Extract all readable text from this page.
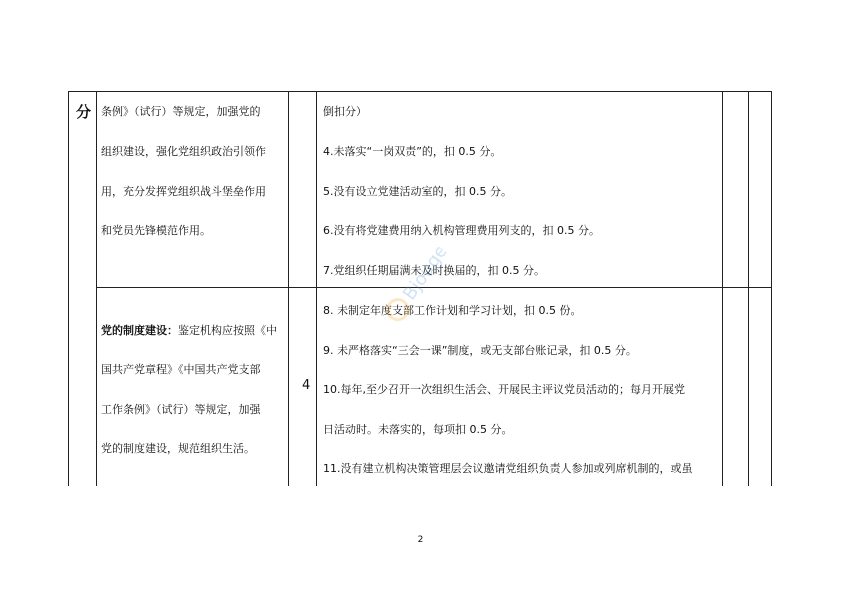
分 条例》（试行）等规定，加强党的
组织建设，强化党组织政治引领作
用，充分发挥党组织战斗堡垒作用
和党员先锋模范作用。
倒扣分）
4.未落实“一岗双责”的，扣 0.5 分。
5.没有设立党建活动室的，扣 0.5 分。
6.没有将党建费用纳入机构管理费用列支的，扣 0.5 分。
7.党组织任期届满未及时换届的，扣 0.5 分。
党的制度建设：鉴定机构应按照《中
国共产党章程》《中国共产党支部
工作条例》（试行）等规定，加强
党的制度建设，规范组织生活。
4
8. 未制定年度支部工作计划和学习计划，扣 0.5 份。
9. 未严格落实“三会一课”制度，或无支部台账记录，扣 0.5 分。
10.每年,至少召开一次组织生活会、开展民主评议党员活动的；每月开展党
日活动时。未落实的，每项扣 0.5 分。
11.没有建立机构决策管理层会议邀请党组织负责人参加或列席机制的，或虽
Bjouge
2
